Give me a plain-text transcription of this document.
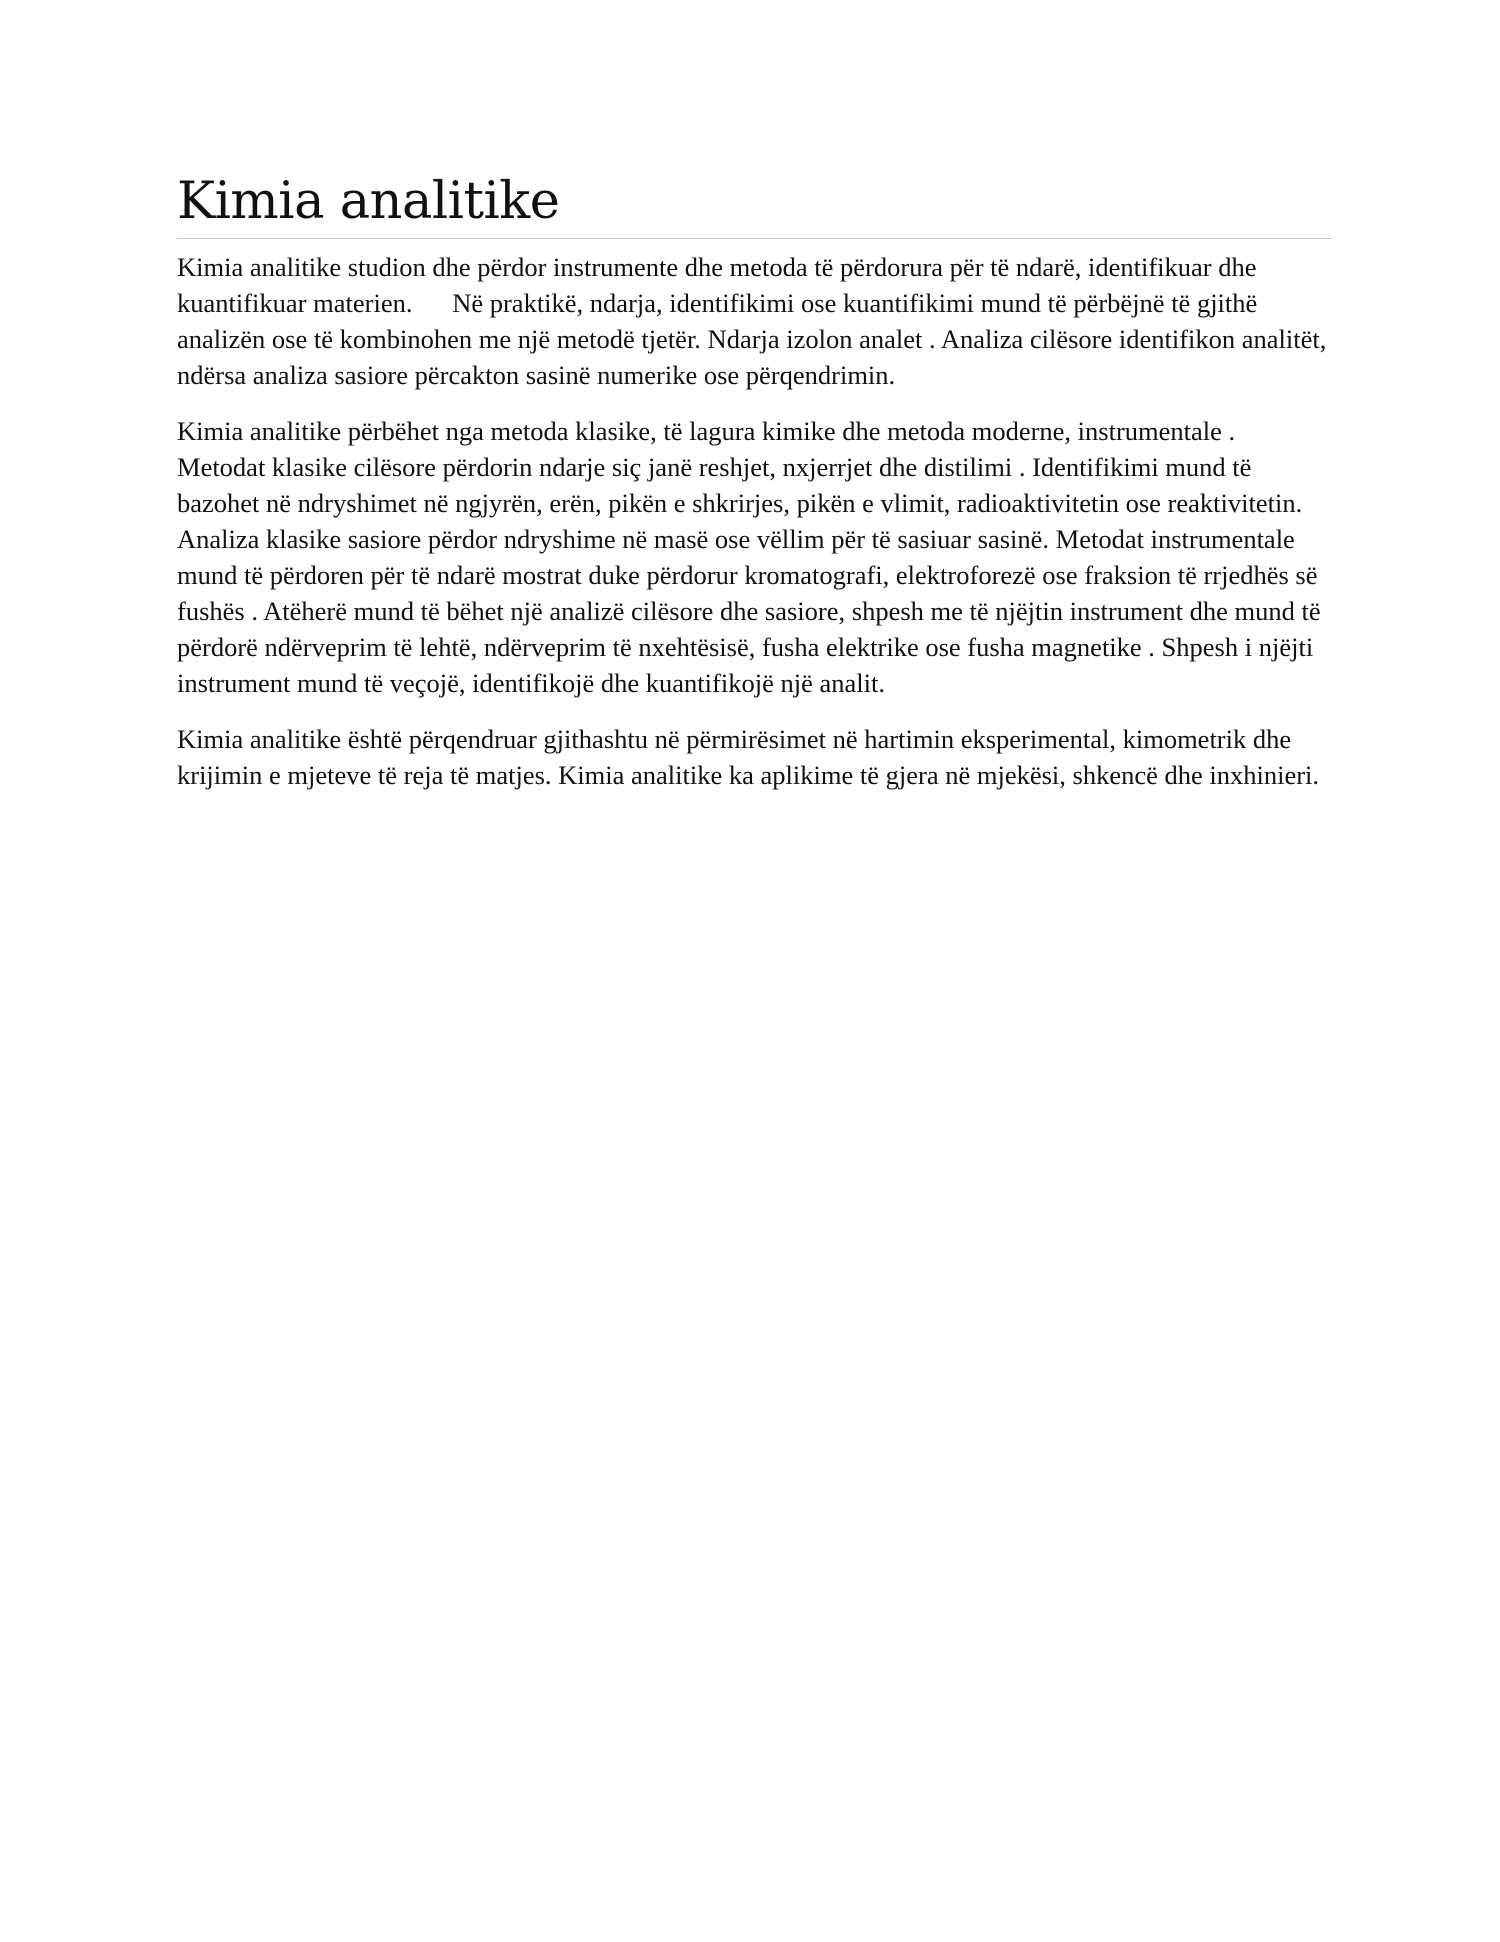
Kimia analitike

Kimia analitike studion dhe përdor instrumente dhe metoda të përdorura për të ndarë, identifikuar dhe kuantifikuar materien.      Në praktikë, ndarja, identifikimi ose kuantifikimi mund të përbëjnë të gjithë analizën ose të kombinohen me një metodë tjetër. Ndarja izolon analet . Analiza cilësore identifikon analitët, ndërsa analiza sasiore përcakton sasinë numerike ose përqendrimin.

Kimia analitike përbëhet nga metoda klasike, të lagura kimike dhe metoda moderne, instrumentale .      Metodat klasike cilësore përdorin ndarje siç janë reshjet, nxjerrjet dhe distilimi . Identifikimi mund të bazohet në ndryshimet në ngjyrën, erën, pikën e shkrirjes, pikën e vlimit, radioaktivitetin ose reaktivitetin. Analiza klasike sasiore përdor ndryshime në masë ose vëllim për të sasiuar sasinë. Metodat instrumentale mund të përdoren për të ndarë mostrat duke përdorur kromatografi, elektroforezë ose fraksion të rrjedhës së fushës . Atëherë mund të bëhet një analizë cilësore dhe sasiore, shpesh me të njëjtin instrument dhe mund të përdorë ndërveprim të lehtë, ndërveprim të nxehtësisë, fusha elektrike ose fusha magnetike . Shpesh i njëjti instrument mund të veçojë, identifikojë dhe kuantifikojë një analit.

Kimia analitike është përqendruar gjithashtu në përmirësimet në hartimin eksperimental, kimometrik dhe krijimin e mjeteve të reja të matjes. Kimia analitike ka aplikime të gjera në mjekësi, shkencë dhe inxhinieri.
